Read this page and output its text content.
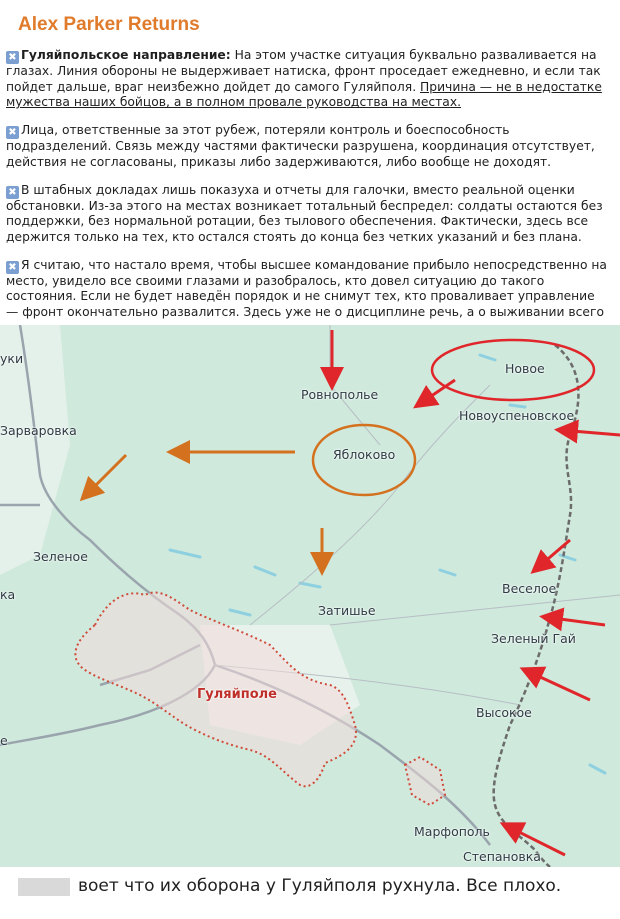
Alex Parker Returns

✖ Гуляйпольское направление: На этом участке ситуация буквально разваливается на глазах. Линия обороны не выдерживает натиска, фронт проседает ежедневно, и если так пойдет дальше, враг неизбежно дойдет до самого Гуляйполя. Причина — не в недостатке мужества наших бойцов, а в полном провале руководства на местах.

✖ Лица, ответственные за этот рубеж, потеряли контроль и боеспособность подразделений. Связь между частями фактически разрушена, координация отсутствует, действия не согласованы, приказы либо задерживаются, либо вообще не доходят.

✖ В штабных докладах лишь показуха и отчеты для галочки, вместо реальной оценки обстановки. Из-за этого на местах возникает тотальный беспредел: солдаты остаются без поддержки, без нормальной ротации, без тылового обеспечения. Фактически, здесь все держится только на тех, кто остался стоять до конца без четких указаний и без плана.

✖ Я считаю, что настало время, чтобы высшее командование прибыло непосредственно на место, увидело все своими глазами и разобралось, кто довел ситуацию до такого состояния. Если не будет наведён порядок и не снимут тех, кто проваливает управление — фронт окончательно развалится. Здесь уже не о дисциплине речь, а о выживании всего

уки
Ровнополье
Новое
Зарваровка
Новоуспеновское
Яблоково
Зеленое
Веселое
ка
Затишье
Зеленый Гай
Гуляйполе
Высокое
е
Марфополь
Степановка
воет что их оборона у Гуляйполя рухнула. Все плохо.
